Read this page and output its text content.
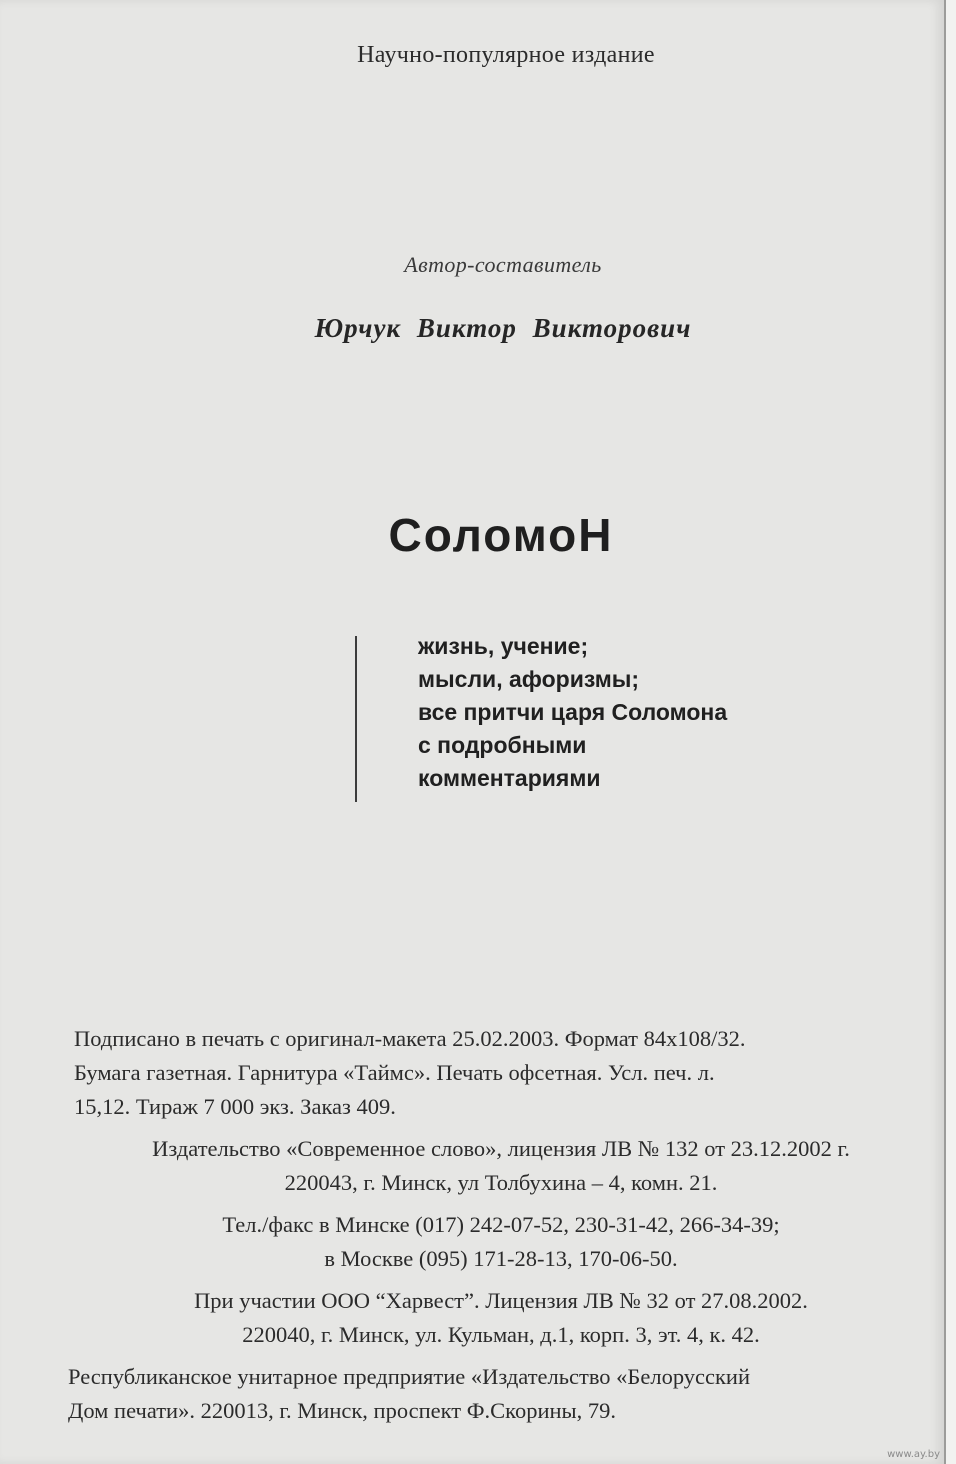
Научно-популярное издание
Автор-составитель
Юрчук Виктор Викторович
СоломоН
жизнь, учение;
мысли, афоризмы;
все притчи царя Соломона
с подробными
комментариями
Подписано в печать с оригинал-макета 25.02.2003. Формат 84x108/32.
Бумага газетная. Гарнитура «Таймс». Печать офсетная. Усл. печ. л.
15,12. Тираж 7 000 экз. Заказ 409.
Издательство «Современное слово», лицензия ЛВ № 132 от 23.12.2002 г.
220043, г. Минск, ул Толбухина – 4, комн. 21.
Тел./факс в Минске (017) 242-07-52, 230-31-42, 266-34-39;
в Москве (095) 171-28-13, 170-06-50.
При участии ООО “Харвест”. Лицензия ЛВ № 32 от 27.08.2002.
220040, г. Минск, ул. Кульман, д.1, корп. 3, эт. 4, к. 42.
Республиканское унитарное предприятие «Издательство «Белорусский
Дом печати». 220013, г. Минск, проспект Ф.Скорины, 79.
www.ay.by
